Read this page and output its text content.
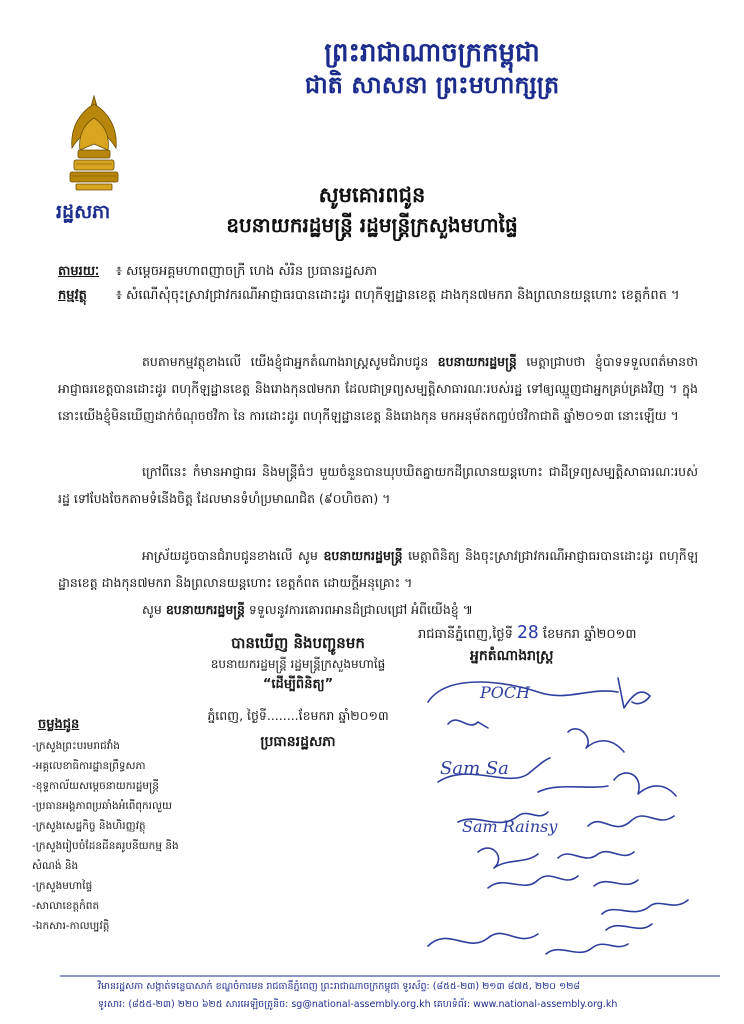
ព្រះរាជាណាចក្រកម្ពុជា
ជាតិ សាសនា ព្រះមហាក្សត្រ
រដ្ឋសភា
សូមគោរពជូន
ឧបនាយករដ្ឋមន្ត្រី រដ្ឋមន្ត្រីក្រសួងមហាផ្ទៃ
តាមរយៈ ៖ សម្ដេចអគ្គមហាពញាចក្រី ហេង សំរិន ប្រធានរដ្ឋសភា
កម្មវត្ថុ ៖ សំណើសុំចុះស្រាវជ្រាវករណីអាជ្ញាធរបានដោះដូរ ពហុកីឡដ្ឋានខេត្ត ដាងកុន៧មករា និងព្រលានយន្តហោះ ខេត្តកំពត ។
តបតាមកម្មវត្ថុខាងលើ យើងខ្ញុំជាអ្នកតំណាងរាស្ត្រសូមជំរាបជូន ឧបនាយករដ្ឋមន្ត្រី មេត្តាជ្រាបថា ខ្ញុំបាទទទួលពត៌មានថា អាជ្ញាធរខេត្តបានដោះដូរ ពហុកីឡដ្ឋានខេត្ត និងរោងកុន៧មករា ដែលជាទ្រព្យសម្បត្តិសាធារណៈរបស់រដ្ឋ ទៅឲ្យឈ្មួញជាអ្នកគ្រប់គ្រងវិញ ។ ក្នុងនោះយើងខ្ញុំមិនឃើញដាក់ចំណុចថវិកា នៃ ការដោះដូរ ពហុកីឡដ្ឋានខេត្ត និងរោងកុន មកអនុម័តកញ្ចប់ថវិកាជាតិ ឆ្នាំ២០១៣ នោះឡើយ ។
ក្រៅពីនេះ កំមានអាជ្ញាធរ និងមន្ត្រីធំៗ មួយចំនួនបានឃុបឃិតគ្នាយកដីព្រលានយន្តហោះ ជាដីទ្រព្យសម្បត្តិសាធារណៈរបស់រដ្ឋ ទៅបែងចែកតាមទំនើងចិត្ត ដែលមានទំហំប្រមាណជិត (៩០ហិចតា) ។
អាស្រ័យដូចបានជំរាបជូនខាងលើ សូម ឧបនាយករដ្ឋមន្ត្រី មេត្តាពិនិត្យ និងចុះស្រាវជ្រាវករណីអាជ្ញាធរបានដោះដូរ ពហុកីឡដ្ឋានខេត្ត ដាងកុន៧មករា និងព្រលានយន្តហោះ ខេត្តកំពត ដោយក្តីអនុគ្រោះ ។
សូម ឧបនាយករដ្ឋមន្ត្រី ទទួលនូវការគោរពអានដ៏ជ្រាលជ្រៅ អំពីយើងខ្ញុំ ៕
រាជធានីភ្នំពេញ,ថ្ងៃទី 28 ខែមករា ឆ្នាំ២០១៣
អ្នកតំណាងរាស្ត្រ
បានឃើញ និងបញ្ជូនមក
ឧបនាយករដ្ឋមន្ត្រី រដ្ឋមន្ត្រីក្រសួងមហាផ្ទៃ
“ដើម្បីពិនិត្យ”
ភ្នំពេញ, ថ្ងៃទី........ខែមករា ឆ្នាំ២០១៣
ប្រធានរដ្ឋសភា
ចម្លងជូន
-ក្រសួងព្រះបរមរាជវាំង
-អគ្គលេខាធិការដ្ឋានព្រឹទ្ធសភា
-ខុទ្ទកាល័យសម្ដេចនាយករដ្ឋមន្ត្រី
-ប្រធានអង្គភាពប្រឆាំងអំពើពុករលួយ
-ក្រសួងសេដ្ឋកិច្ច និងហិរញ្ញវត្ថុ
-ក្រសួងរៀបចំដែនដីនគរូបនីយកម្ម និង
សំណង់ និង
-ក្រសួងមហាផ្ទៃ
-សាលាខេត្តកំពត
-ឯកសារ-កាលប្បវត្តិ
POCH
Sam Sa
Sam Rainsy
វិមានរដ្ឋសភា សង្កាត់ទន្លេបាសាក់ ខណ្ឌចំការមន រាជធានីភ្នំពេញ ព្រះរាជាណាចក្រកម្ពុជា ទូរស័ព្ទ: (៨៥៥-២៣) ២១៣ ៨៧៥, ២២០ ១២៨
ទូរសារ: (៨៥៥-២៣) ២២០ ៦២៥ សារអេឡិចត្រូនិច: sg@national-assembly.org.kh គេហទំព័រ: www.national-assembly.org.kh
